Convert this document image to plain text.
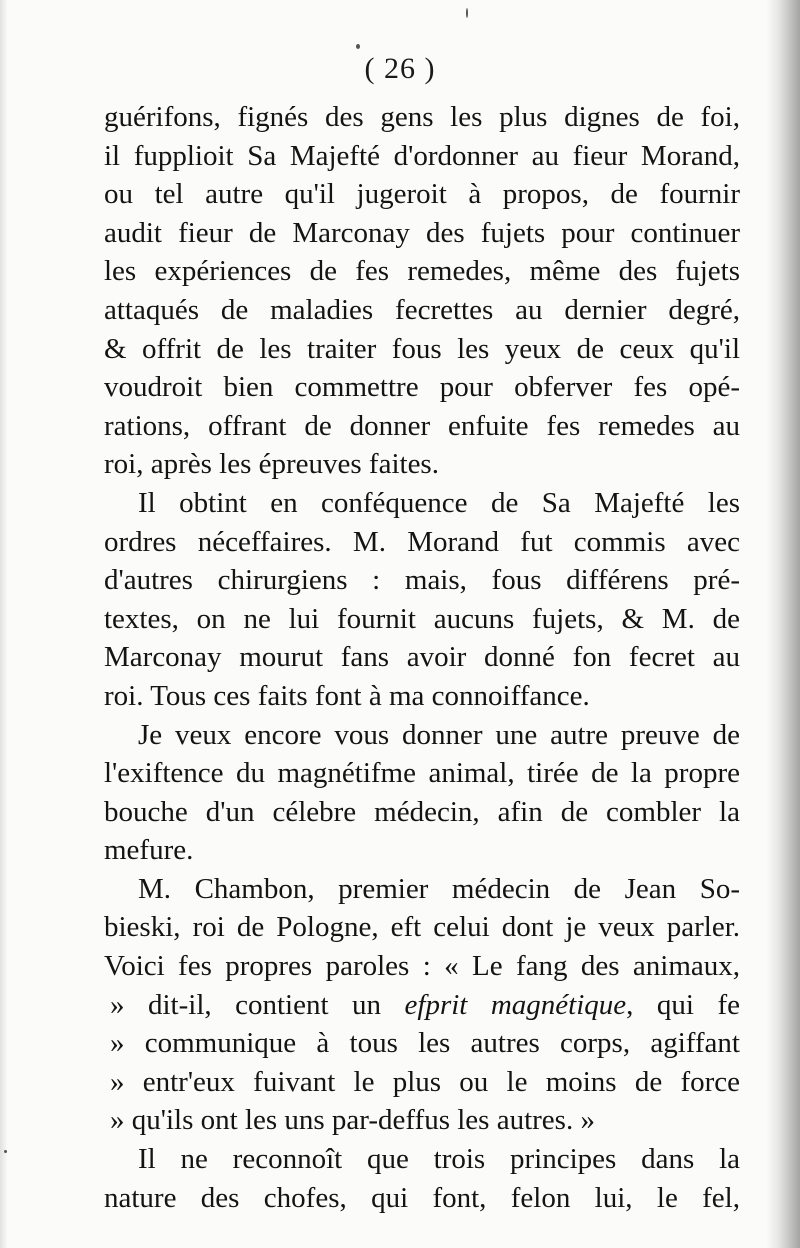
( 26 )
guérifons, fignés des gens les plus dignes de foi,
il fupplioit Sa Majefté d'ordonner au fieur Morand,
ou tel autre qu'il jugeroit à propos, de fournir
audit fieur de Marconay des fujets pour continuer
les expériences de fes remedes, même des fujets
attaqués de maladies fecrettes au dernier degré,
& offrit de les traiter fous les yeux de ceux qu'il
voudroit bien commettre pour obferver fes opé-
rations, offrant de donner enfuite fes remedes au
roi, après les épreuves faites.
Il obtint en conféquence de Sa Majefté les
ordres néceffaires. M. Morand fut commis avec
d'autres chirurgiens : mais, fous différens pré-
textes, on ne lui fournit aucuns fujets, & M. de
Marconay mourut fans avoir donné fon fecret au
roi. Tous ces faits font à ma connoiffance.
Je veux encore vous donner une autre preuve de
l'exiftence du magnétifme animal, tirée de la propre
bouche d'un célebre médecin, afin de combler la
mefure.
M. Chambon, premier médecin de Jean So-
bieski, roi de Pologne, eft celui dont je veux parler.
Voici fes propres paroles : « Le fang des animaux,
» dit-il, contient un efprit magnétique, qui fe
» communique à tous les autres corps, agiffant
» entr'eux fuivant le plus ou le moins de force
» qu'ils ont les uns par-deffus les autres. »
Il ne reconnoît que trois principes dans la
nature des chofes, qui font, felon lui, le fel,
